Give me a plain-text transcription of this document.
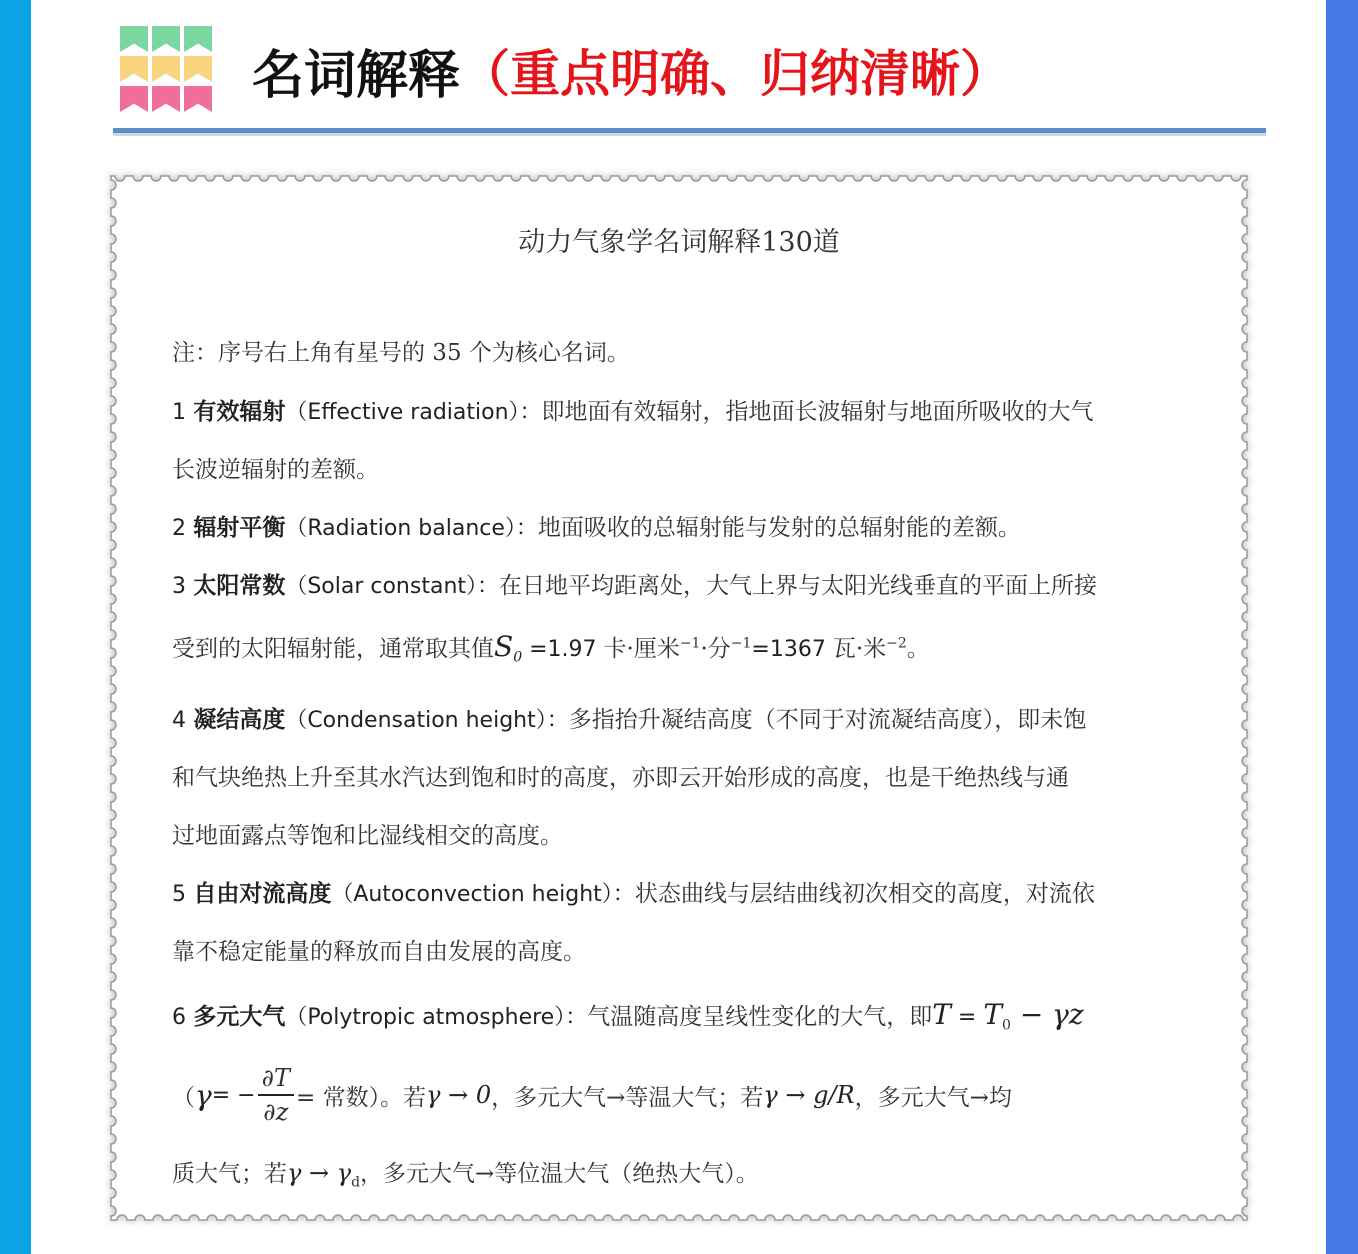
名词解释 （重点明确、归纳清晰）
动力气象学名词解释130道
注：序号右上角有星号的 35 个为核心名词。
1 有效辐射（Effective radiation）：即地面有效辐射，指地面长波辐射与地面所吸收的大气
长波逆辐射的差额。
2 辐射平衡（Radiation balance）：地面吸收的总辐射能与发射的总辐射能的差额。
3 太阳常数（Solar constant）：在日地平均距离处，大气上界与太阳光线垂直的平面上所接
受到的太阳辐射能，通常取其值$S_0 =1.97$ 卡·厘米$^{-1}$·分$^{-1}$=1367 瓦·米$^{-2}$。
4 凝结高度（Condensation height）：多指抬升凝结高度（不同于对流凝结高度），即未饱
和气块绝热上升至其水汽达到饱和时的高度，亦即云开始形成的高度，也是干绝热线与通
过地面露点等饱和比湿线相交的高度。
5 自由对流高度（Autoconvection height）：状态曲线与层结曲线初次相交的高度，对流依
靠不稳定能量的释放而自由发展的高度。
6 多元大气（Polytropic atmosphere）：气温随高度呈线性变化的大气，即$T = T_0 - \gamma z$
（ γ = − $\frac{\partial T}{\partial z}$ = 常数）。若 γ → 0 ，多元大气→等温大气；若 γ → g/R ，多元大气→均
质大气；若$\gamma \to \gamma_d$，多元大气→等位温大气（绝热大气）。
